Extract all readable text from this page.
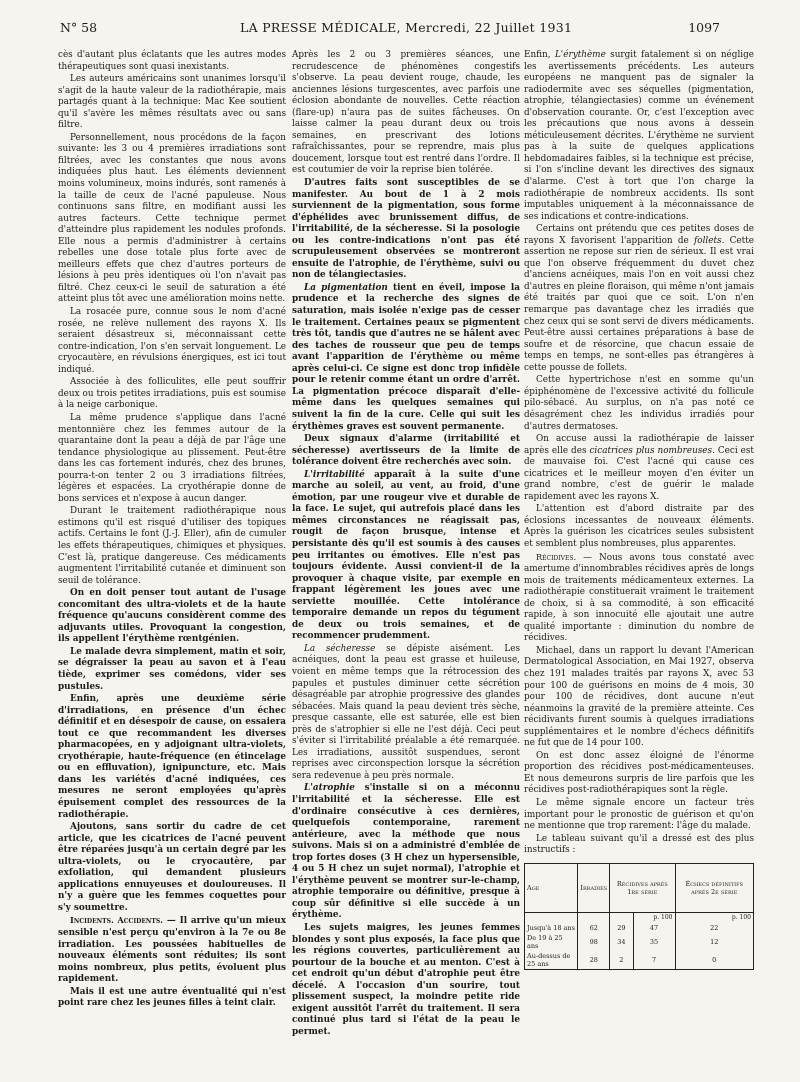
N° 58	LA PRESSE MÉDICALE, Mercredi, 22 Juillet 1931	1097

cès d'autant plus éclatants que les autres modes thérapeutiques sont quasi inexistants.

Les auteurs américains sont unanimes lorsqu'il s'agit de la haute valeur de la radiothérapie, mais partagés quant à la technique: Mac Kee soutient qu'il s'avère les mêmes résultats avec ou sans filtre.

Personnellement, nous procédons de la façon suivante: les 3 ou 4 premières irradiations sont filtrées, avec les constantes que nous avons indiquées plus haut. Les éléments deviennent moins volumineux, moins indurés, sont ramenés à la taille de ceux de l'acné papuleuse. Nous continuons sans filtre, en modifiant aussi les autres facteurs. Cette technique permet d'atteindre plus rapidement les nodules profonds. Elle nous a permis d'administrer à certains rebelles une dose totale plus forte avec de meilleurs effets que chez d'autres porteurs de lésions à peu près identiques où l'on n'avait pas filtré. Chez ceux-ci le seuil de saturation a été atteint plus tôt avec une amélioration moins nette.

La rosacée pure, connue sous le nom d'acné rosée, ne relève nullement des rayons X. Ils seraient désastreux si, méconnaissant cette contre-indication, l'on s'en servait longuement. Le cryocautère, en révulsions énergiques, est ici tout indiqué.

Associée à des folliculites, elle peut souffrir deux ou trois petites irradiations, puis est soumise à la neige carbonique.

La même prudence s'applique dans l'acné mentonnière chez les femmes autour de la quarantaine dont la peau a déjà de par l'âge une tendance physiologique au plissement. Peut-être dans les cas fortement indurés, chez des brunes, pourra-t-on tenter 2 ou 3 irradiations filtrées, légères et espacées. La cryothérapie donne de bons services et n'expose à aucun danger.

Durant le traitement radiothérapique nous estimons qu'il est risqué d'utiliser des topiques actifs. Certains le font (J.-J. Eller), afin de cumuler les effets thérapeutiques, chimiques et physiques. C'est là, pratique dangereuse. Ces médicaments augmentent l'irritabilité cutanée et diminuent son seuil de tolérance.

On en doit penser tout autant de l'usage concomitant des ultra-violets et de la haute fréquence qu'aucuns considèrent comme des adjuvants utiles. Provoquant la congestion, ils appellent l'érythème rœntgénien.

Le malade devra simplement, matin et soir, se dégraisser la peau au savon et à l'eau tiède, exprimer ses comédons, vider ses pustules.

Enfin, après une deuxième série d'irradiations, en présence d'un échec définitif et en désespoir de cause, on essaiera tout ce que recommandent les diverses pharmacopées, en y adjoignant ultra-violets, cryothérapie, haute-fréquence (en étincelage ou en effluvation), ignipuncture, etc. Mais dans les variétés d'acné indiquées, ces mesures ne seront employées qu'après épuisement complet des ressources de la radiothérapie.

Ajoutons, sans sortir du cadre de cet article, que les cicatrices de l'acné peuvent être réparées jusqu'à un certain degré par les ultra-violets, ou le cryocautère, par exfoliation, qui demandent plusieurs applications ennuyeuses et douloureuses. Il n'y a guère que les femmes coquettes pour s'y soumettre.

Incidents. Accidents. — Il arrive qu'un mieux sensible n'est perçu qu'environ à la 7e ou 8e irradiation. Les poussées habituelles de nouveaux éléments sont réduites; ils sont moins nombreux, plus petits, évoluent plus rapidement.

Mais il est une autre éventualité qui n'est point rare chez les jeunes filles à teint clair.

Après les 2 ou 3 premières séances, une recrudescence de phénomènes congestifs s'observe. La peau devient rouge, chaude, les anciennes lésions turgescentes, avec parfois une éclosion abondante de nouvelles. Cette réaction (flare-up) n'aura pas de suites fâcheuses. On laisse calmer la peau durant deux ou trois semaines, en prescrivant des lotions rafraîchissantes, pour se reprendre, mais plus doucement, lorsque tout est rentré dans l'ordre. Il est coutumier de voir la reprise bien tolérée.

D'autres faits sont susceptibles de se manifester. Au bout de 1 à 2 mois surviennent de la pigmentation, sous forme d'éphélides avec brunissement diffus, de l'irritabilité, de la sécheresse. Si la posologie ou les contre-indications n'ont pas été scrupuleusement observées se montreront ensuite de l'atrophie, de l'érythème, suivi ou non de télangiectasies.

La pigmentation tient en éveil, impose la prudence et la recherche des signes de saturation, mais isolée n'exige pas de cesser le traitement. Certaines peaux se pigmentent très tôt, tandis que d'autres ne se hâlent avec des taches de rousseur que peu de temps avant l'apparition de l'érythème ou même après celui-ci. Ce signe est donc trop infidèle pour le retenir comme étant un ordre d'arrêt. La pigmentation précoce disparaît d'elle-même dans les quelques semaines qui suivent la fin de la cure. Celle qui suit les érythèmes graves est souvent permanente.

Deux signaux d'alarme (irritabilité et sécheresse) avertisseurs de la limite de tolérance doivent être recherchés avec soin.

L'irritabilité apparaît à la suite d'une marche au soleil, au vent, au froid, d'une émotion, par une rougeur vive et durable de la face. Le sujet, qui autrefois placé dans les mêmes circonstances ne réagissait pas, rougit de façon brusque, intense et persistante dès qu'il est soumis à des causes peu irritantes ou émotives. Elle n'est pas toujours évidente. Aussi convient-il de la provoquer à chaque visite, par exemple en frappant légèrement les joues avec une serviette mouillée. Cette intolérance temporaire demande un repos du tégument de deux ou trois semaines, et de recommencer prudemment.

La sécheresse se dépiste aisément. Les acnéiques, dont la peau est grasse et huileuse, voient en même temps que la rétrocession des papules et pustules diminuer cette sécrétion désagréable par atrophie progressive des glandes sébacées. Mais quand la peau devient très sèche, presque cassante, elle est saturée, elle est bien près de s'atrophier si elle ne l'est déjà. Ceci peut s'éviter si l'irritabilité préalable a été remarquée. Les irradiations, aussitôt suspendues, seront reprises avec circonspection lorsque la sécrétion sera redevenue à peu près normale.

L'atrophie s'installe si on a méconnu l'irritabilité et la sécheresse. Elle est d'ordinaire consécutive à ces dernières, quelquefois contemporaine, rarement antérieure, avec la méthode que nous suivons. Mais si on a administré d'emblée de trop fortes doses (3 H chez un hypersensible, 4 ou 5 H chez un sujet normal), l'atrophie et l'érythème peuvent se montrer sur-le-champ, atrophie temporaire ou définitive, presque à coup sûr définitive si elle succède à un érythème.

Les sujets maigres, les jeunes femmes blondes y sont plus exposés, la face plus que les régions couvertes, particulièrement au pourtour de la bouche et au menton. C'est à cet endroit qu'un début d'atrophie peut être décelé. A l'occasion d'un sourire, tout plissement suspect, la moindre petite ride exigent aussitôt l'arrêt du traitement. Il sera continué plus tard si l'état de la peau le permet.

Enfin, L'érythème surgit fatalement si on néglige les avertissements précédents. Les auteurs européens ne manquent pas de signaler la radiodermite avec ses séquelles (pigmentation, atrophie, télangiectasies) comme un événement d'observation courante. Or, c'est l'exception avec les précautions que nous avons à dessein méticuleusement décrites. L'érythème ne survient pas à la suite de quelques applications hebdomadaires faibles, si la technique est précise, si l'on s'incline devant les directives des signaux d'alarme. C'est à tort que l'on charge la radiothérapie de nombreux accidents. Ils sont imputables uniquement à la méconnaissance de ses indications et contre-indications.

Certains ont prétendu que ces petites doses de rayons X favorisent l'apparition de follets. Cette assertion ne repose sur rien de sérieux. Il est vrai que l'on observe fréquemment du duvet chez d'anciens acnéiques, mais l'on en voit aussi chez d'autres en pleine floraison, qui même n'ont jamais été traités par quoi que ce soit. L'on n'en remarque pas davantage chez les irradiés que chez ceux qui se sont servi de divers médicaments. Peut-être aussi certaines préparations à base de soufre et de résorcine, que chacun essaie de temps en temps, ne sont-elles pas étrangères à cette pousse de follets.

Cette hypertrichose n'est en somme qu'un épiphénomène de l'excessive activité du follicule pilo-sébacé. Au surplus, on n'a pas noté ce désagrément chez les individus irradiés pour d'autres dermatoses.

On accuse aussi la radiothérapie de laisser après elle des cicatrices plus nombreuses. Ceci est de mauvaise foi. C'est l'acné qui cause ces cicatrices et le meilleur moyen d'en éviter un grand nombre, c'est de guérir le malade rapidement avec les rayons X.

L'attention est d'abord distraite par des éclosions incessantes de nouveaux éléments. Après la guérison les cicatrices seules subsistent et semblent plus nombreuses, plus apparentes.

Récidives. — Nous avons tous constaté avec amertume d'innombrables récidives après de longs mois de traitements médicamenteux externes. La radiothérapie constituerait vraiment le traitement de choix, si à sa commodité, à son efficacité rapide, à son innocuité elle ajoutait une autre qualité importante : diminution du nombre de récidives.

Michael, dans un rapport lu devant l'American Dermatological Association, en Mai 1927, observa chez 191 malades traités par rayons X, avec 53 pour 100 de guérisons en moins de 4 mois, 30 pour 100 de récidives, dont aucune n'eut néanmoins la gravité de la première atteinte. Ces récidivants furent soumis à quelques irradiations supplémentaires et le nombre d'échecs définitifs ne fut que de 14 pour 100.

On est donc assez éloigné de l'énorme proportion des récidives post-médicamenteuses. Et nous demeurons surpris de lire parfois que les récidives post-radiothérapiques sont la règle.

Le même signale encore un facteur très important pour le pronostic de guérison et qu'on ne mentionne que trop rarement: l'âge du malade.

Le tableau suivant qu'il a dressé est des plus instructifs :

Age	Irradiés	Récidives après 1re série		Échecs définitifs après 2e série
			p. 100	p. 100
Jusqu'à 18 ans	62	29	47	22
De 19 à 25 ans	98	34	35	12
Au-dessus de 25 ans	28	2	7	0
